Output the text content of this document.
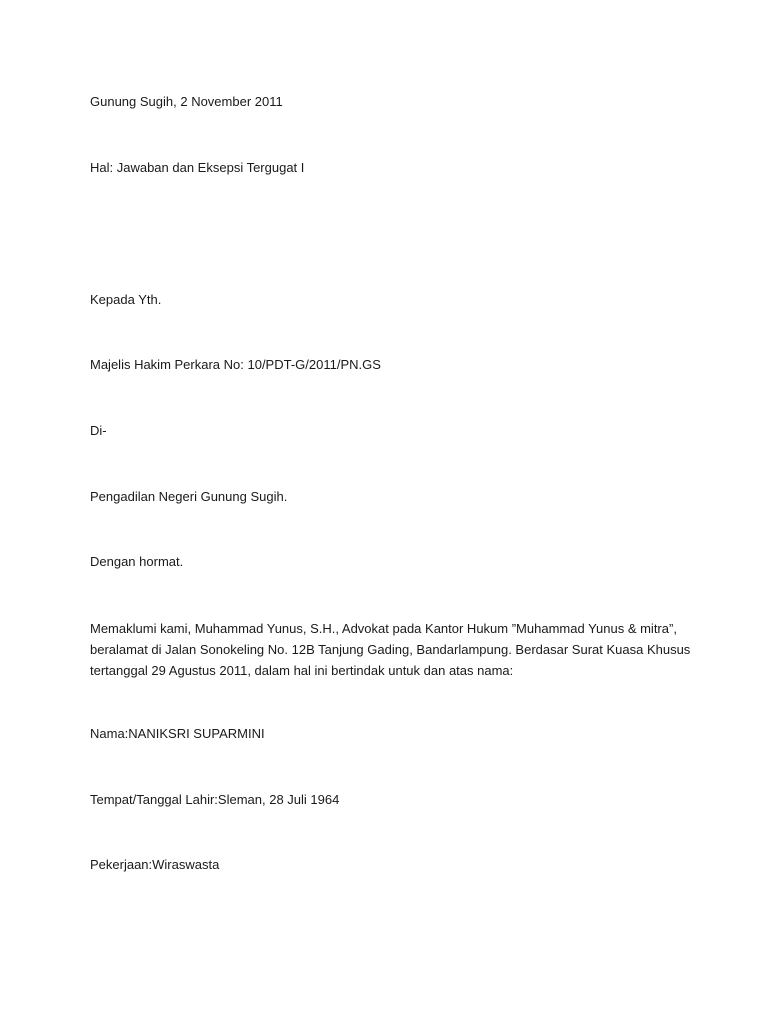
Gunung Sugih, 2 November 2011
Hal: Jawaban dan Eksepsi Tergugat I
Kepada Yth.
Majelis Hakim Perkara No: 10/PDT-G/2011/PN.GS
Di-
Pengadilan Negeri Gunung Sugih.
Dengan hormat.
Memaklumi kami, Muhammad Yunus, S.H., Advokat pada Kantor Hukum ”Muhammad Yunus & mitra”,
beralamat di Jalan Sonokeling No. 12B Tanjung Gading, Bandarlampung. Berdasar Surat Kuasa Khusus
tertanggal 29 Agustus 2011, dalam hal ini bertindak untuk dan atas nama:
Nama:NANIKSRI SUPARMINI
Tempat/Tanggal Lahir:Sleman, 28 Juli 1964
Pekerjaan:Wiraswasta
